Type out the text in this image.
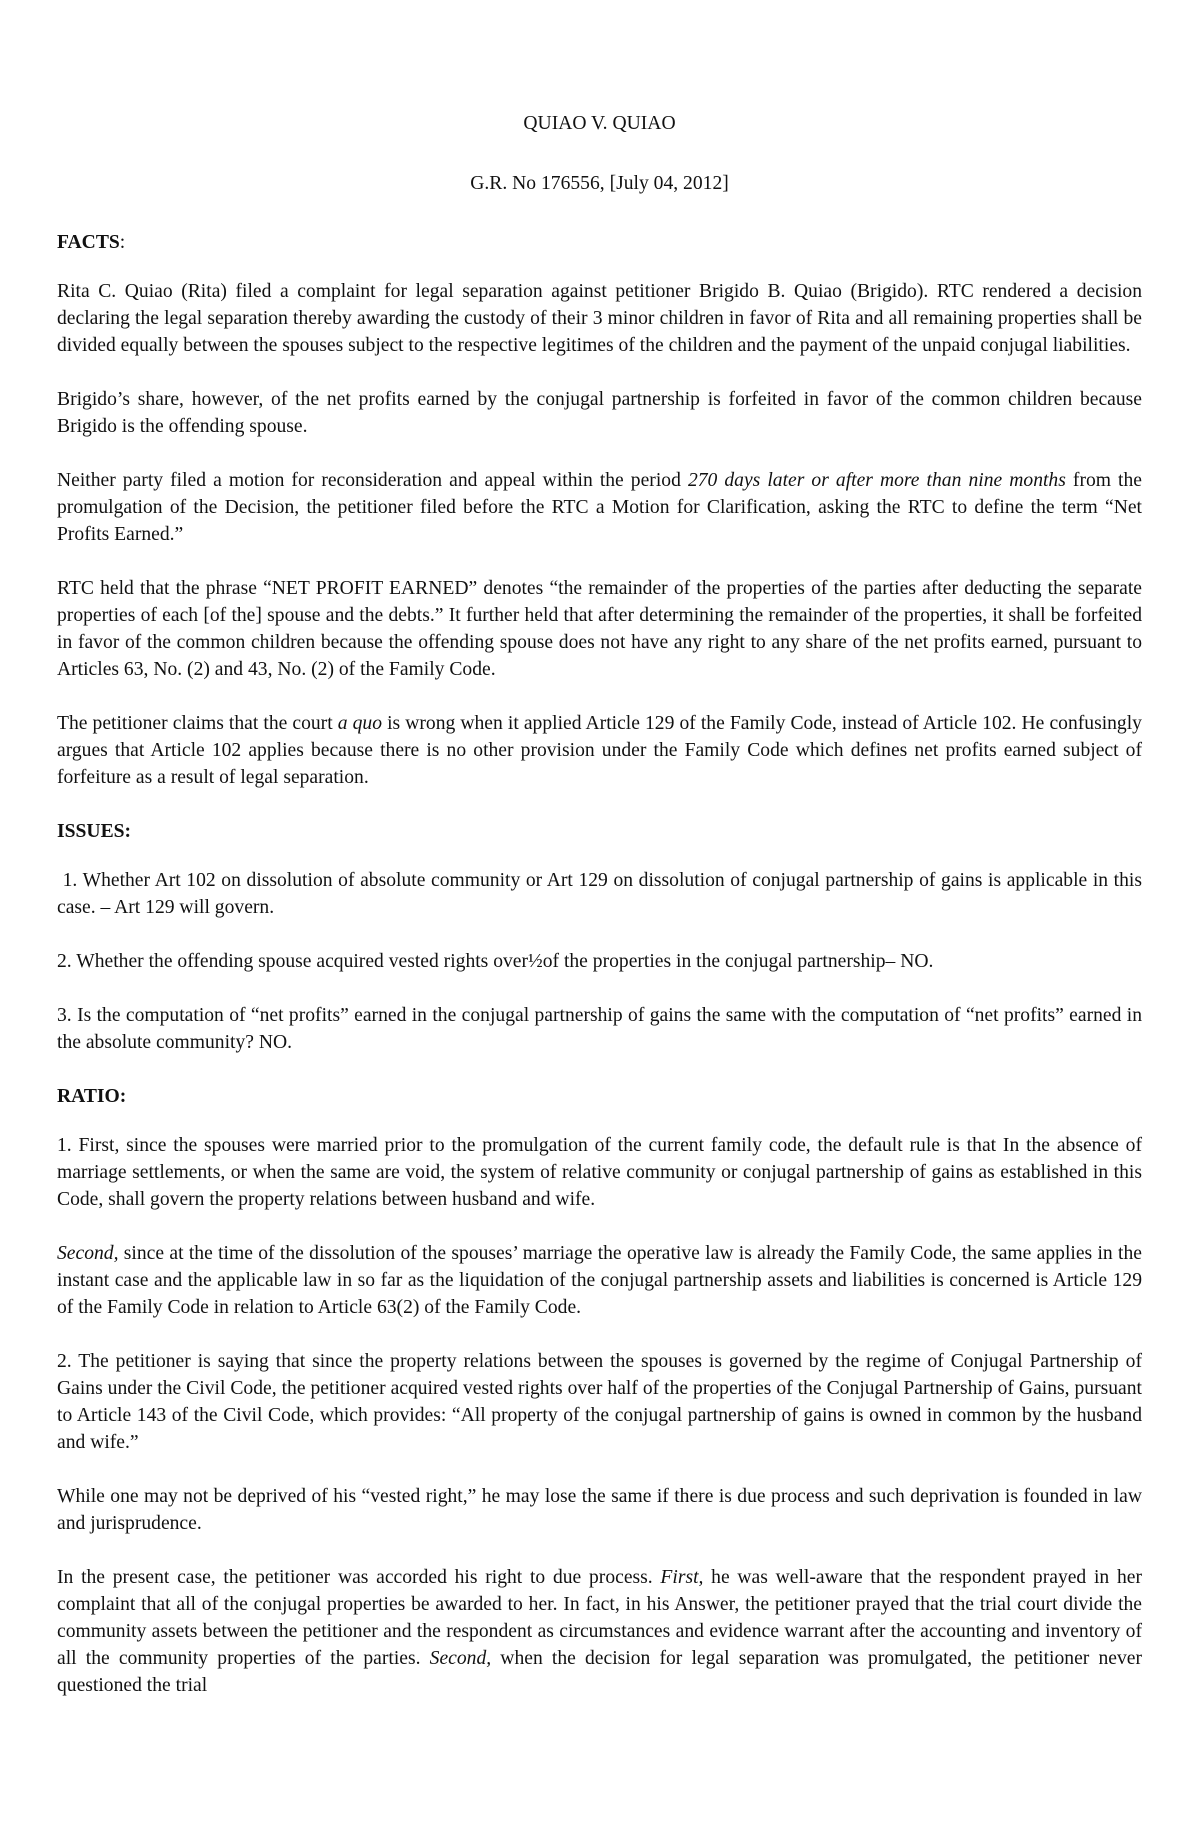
QUIAO V. QUIAO

G.R. No 176556, [July 04, 2012]

FACTS:

Rita C. Quiao (Rita) filed a complaint for legal separation against petitioner Brigido B. Quiao (Brigido). RTC rendered a decision declaring the legal separation thereby awarding the custody of their 3 minor children in favor of Rita and all remaining properties shall be divided equally between the spouses subject to the respective legitimes of the children and the payment of the unpaid conjugal liabilities.

Brigido’s share, however, of the net profits earned by the conjugal partnership is forfeited in favor of the common children because Brigido is the offending spouse.

Neither party filed a motion for reconsideration and appeal within the period 270 days later or after more than nine months from the promulgation of the Decision, the petitioner filed before the RTC a Motion for Clarification, asking the RTC to define the term “Net Profits Earned.”

RTC held that the phrase “NET PROFIT EARNED” denotes “the remainder of the properties of the parties after deducting the separate properties of each [of the] spouse and the debts.” It further held that after determining the remainder of the properties, it shall be forfeited in favor of the common children because the offending spouse does not have any right to any share of the net profits earned, pursuant to Articles 63, No. (2) and 43, No. (2) of the Family Code.

The petitioner claims that the court a quo is wrong when it applied Article 129 of the Family Code, instead of Article 102. He confusingly argues that Article 102 applies because there is no other provision under the Family Code which defines net profits earned subject of forfeiture as a result of legal separation.

ISSUES:

1. Whether Art 102 on dissolution of absolute community or Art 129 on dissolution of conjugal partnership of gains is applicable in this case. – Art 129 will govern.

2. Whether the offending spouse acquired vested rights over½of the properties in the conjugal partnership– NO.

3. Is the computation of “net profits” earned in the conjugal partnership of gains the same with the computation of “net profits” earned in the absolute community? NO.

RATIO:

1. First, since the spouses were married prior to the promulgation of the current family code, the default rule is that In the absence of marriage settlements, or when the same are void, the system of relative community or conjugal partnership of gains as established in this Code, shall govern the property relations between husband and wife.

Second, since at the time of the dissolution of the spouses’ marriage the operative law is already the Family Code, the same applies in the instant case and the applicable law in so far as the liquidation of the conjugal partnership assets and liabilities is concerned is Article 129 of the Family Code in relation to Article 63(2) of the Family Code.

2. The petitioner is saying that since the property relations between the spouses is governed by the regime of Conjugal Partnership of Gains under the Civil Code, the petitioner acquired vested rights over half of the properties of the Conjugal Partnership of Gains, pursuant to Article 143 of the Civil Code, which provides: “All property of the conjugal partnership of gains is owned in common by the husband and wife.”

While one may not be deprived of his “vested right,” he may lose the same if there is due process and such deprivation is founded in law and jurisprudence.

In the present case, the petitioner was accorded his right to due process. First, he was well-aware that the respondent prayed in her complaint that all of the conjugal properties be awarded to her. In fact, in his Answer, the petitioner prayed that the trial court divide the community assets between the petitioner and the respondent as circumstances and evidence warrant after the accounting and inventory of all the community properties of the parties. Second, when the decision for legal separation was promulgated, the petitioner never questioned the trial
